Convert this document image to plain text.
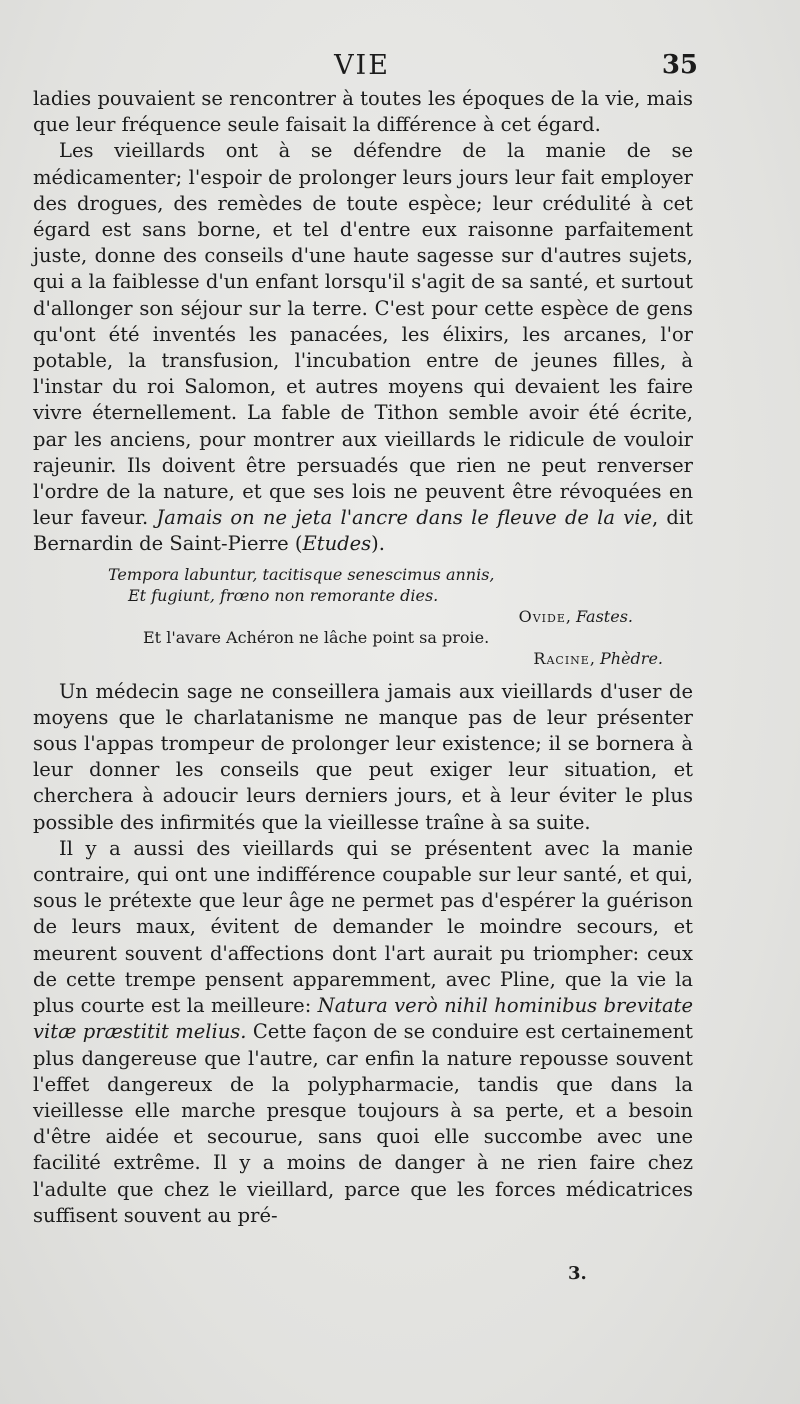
VIE	35

ladies pouvaient se rencontrer à toutes les époques de la vie, mais que leur fréquence seule faisait la différence à cet égard.

Les vieillards ont à se défendre de la manie de se médicamenter; l'espoir de prolonger leurs jours leur fait employer des drogues, des remèdes de toute espèce; leur crédulité à cet égard est sans borne, et tel d'entre eux raisonne parfaitement juste, donne des conseils d'une haute sagesse sur d'autres sujets, qui a la faiblesse d'un enfant lorsqu'il s'agit de sa santé, et surtout d'allonger son séjour sur la terre. C'est pour cette espèce de gens qu'ont été inventés les panacées, les élixirs, les arcanes, l'or potable, la transfusion, l'incubation entre de jeunes filles, à l'instar du roi Salomon, et autres moyens qui devaient les faire vivre éternellement. La fable de Tithon semble avoir été écrite, par les anciens, pour montrer aux vieillards le ridicule de vouloir rajeunir. Ils doivent être persuadés que rien ne peut renverser l'ordre de la nature, et que ses lois ne peuvent être révoquées en leur faveur. Jamais on ne jeta l'ancre dans le fleuve de la vie, dit Bernardin de Saint-Pierre (Etudes).

Tempora labuntur, tacitisque senescimus annis,
Et fugiunt, frœno non remorante dies.
Ovide, Fastes.
Et l'avare Achéron ne lâche point sa proie.
Racine, Phèdre.

Un médecin sage ne conseillera jamais aux vieillards d'user de moyens que le charlatanisme ne manque pas de leur présenter sous l'appas trompeur de prolonger leur existence; il se bornera à leur donner les conseils que peut exiger leur situation, et cherchera à adoucir leurs derniers jours, et à leur éviter le plus possible des infirmités que la vieillesse traîne à sa suite.

Il y a aussi des vieillards qui se présentent avec la manie contraire, qui ont une indifférence coupable sur leur santé, et qui, sous le prétexte que leur âge ne permet pas d'espérer la guérison de leurs maux, évitent de demander le moindre secours, et meurent souvent d'affections dont l'art aurait pu triompher: ceux de cette trempe pensent apparemment, avec Pline, que la vie la plus courte est la meilleure: Natura verò nihil hominibus brevitate vitæ præstitit melius. Cette façon de se conduire est certainement plus dangereuse que l'autre, car enfin la nature repousse souvent l'effet dangereux de la polypharmacie, tandis que dans la vieillesse elle marche presque toujours à sa perte, et a besoin d'être aidée et secourue, sans quoi elle succombe avec une facilité extrême. Il y a moins de danger à ne rien faire chez l'adulte que chez le vieillard, parce que les forces médicatrices suffisent souvent au pré-

3.
